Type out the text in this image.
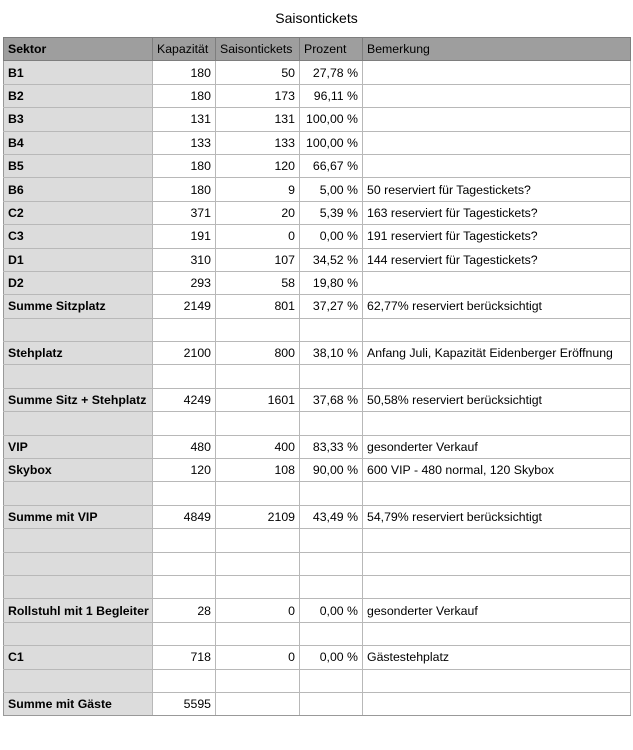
Saisontickets
Sektor	Kapazität	Saisontickets	Prozent	Bemerkung
B1	180	50	27,78 %	
B2	180	173	96,11 %	
B3	131	131	100,00 %	
B4	133	133	100,00 %	
B5	180	120	66,67 %	
B6	180	9	5,00 %	50 reserviert für Tagestickets?
C2	371	20	5,39 %	163 reserviert für Tagestickets?
C3	191	0	0,00 %	191 reserviert für Tagestickets?
D1	310	107	34,52 %	144 reserviert für Tagestickets?
D2	293	58	19,80 %	
Summe Sitzplatz	2149	801	37,27 %	62,77% reserviert berücksichtigt

Stehplatz	2100	800	38,10 %	Anfang Juli, Kapazität Eidenberger Eröffnung

Summe Sitz + Stehplatz	4249	1601	37,68 %	50,58% reserviert berücksichtigt

VIP	480	400	83,33 %	gesonderter Verkauf
Skybox	120	108	90,00 %	600 VIP - 480 normal, 120 Skybox

Summe mit VIP	4849	2109	43,49 %	54,79% reserviert berücksichtigt

Rollstuhl mit 1 Begleiter	28	0	0,00 %	gesonderter Verkauf

C1	718	0	0,00 %	Gästestehplatz

Summe mit Gäste	5595			
